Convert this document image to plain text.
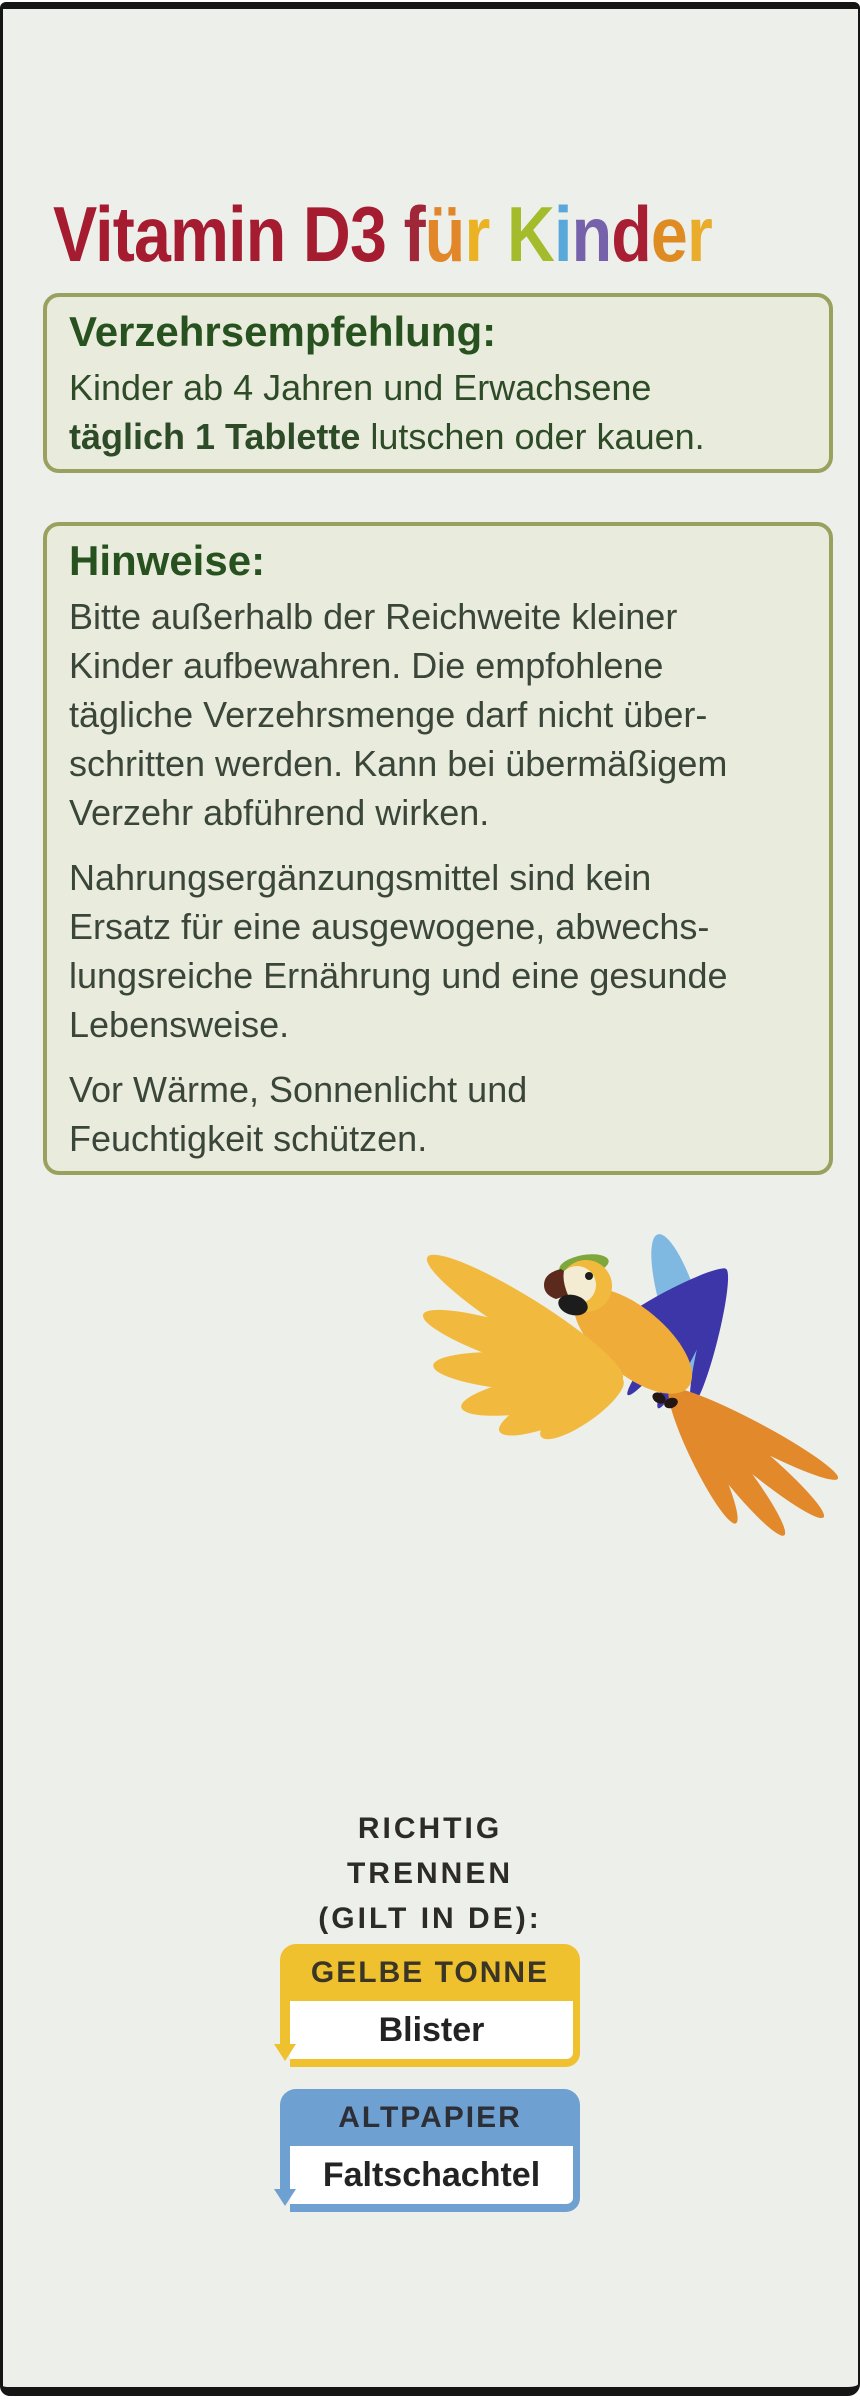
Vitamin D3 für Kinder
Verzehrsempfehlung:
Kinder ab 4 Jahren und Erwachsene
täglich 1 Tablette lutschen oder kauen.
Hinweise:
Bitte außerhalb der Reichweite kleiner
Kinder aufbewahren. Die empfohlene
tägliche Verzehrsmenge darf nicht über-
schritten werden. Kann bei übermäßigem
Verzehr abführend wirken.
Nahrungsergänzungsmittel sind kein
Ersatz für eine ausgewogene, abwechs-
lungsreiche Ernährung und eine gesunde
Lebensweise.
Vor Wärme, Sonnenlicht und
Feuchtigkeit schützen.
RICHTIG
TRENNEN
(GILT IN DE):
GELBE TONNE
Blister
ALTPAPIER
Faltschachtel
